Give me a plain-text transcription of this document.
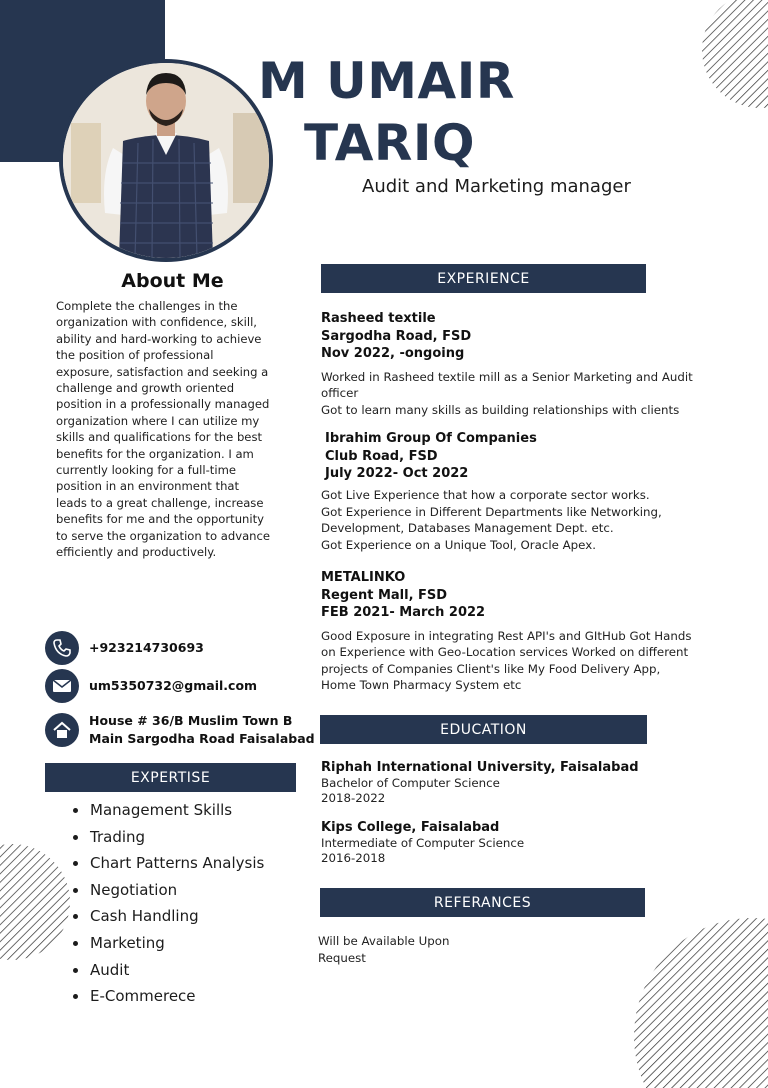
M UMAIR
TARIQ
Audit and Marketing manager
About Me
Complete the challenges in the organization with confidence, skill, ability and hard-working to achieve the position of professional exposure, satisfaction and seeking a challenge and growth oriented position in a professionally managed organization where I can utilize my skills and qualifications for the best benefits for the organization. I am currently looking for a full-time position in an environment that leads to a great challenge, increase benefits for me and the opportunity to serve the organization to advance efficiently and productively.
+923214730693
um5350732@gmail.com
House # 36/B Muslim Town B
Main Sargodha Road Faisalabad
EXPERTISE
Management Skills
Trading
Chart Patterns Analysis
Negotiation
Cash Handling
Marketing
Audit
E-Commerece
EXPERIENCE
Rasheed textile
Sargodha Road, FSD
Nov 2022, -ongoing
Worked in Rasheed textile mill as a Senior Marketing and Audit officer
Got to learn many skills as building relationships with clients
Ibrahim Group Of Companies
Club Road, FSD
July 2022- Oct 2022
Got Live Experience that how a corporate sector works.
Got Experience in Different Departments like Networking, Development, Databases Management Dept. etc.
Got Experience on a Unique Tool, Oracle Apex.
METALINKO
Regent Mall, FSD
FEB 2021- March 2022
Good Exposure in integrating Rest API's and GItHub Got Hands on Experience with Geo-Location services Worked on different projects of Companies Client's like My Food Delivery App, Home Town Pharmacy System etc
EDUCATION
Riphah International University, Faisalabad
Bachelor of Computer Science
2018-2022
Kips College, Faisalabad
Intermediate of Computer Science
2016-2018
REFERANCES
Will be Available Upon Request
